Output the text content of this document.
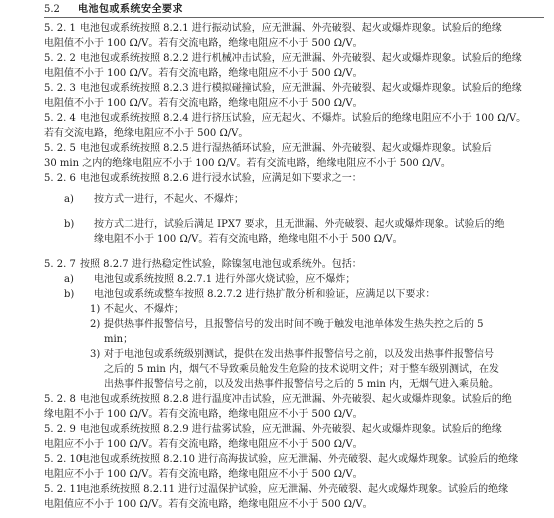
5.2 电池包或系统安全要求
5. 2. 1 电池包或系统按照 8.2.1 进行振动试验，应无泄漏、外壳破裂、起火或爆炸现象。试验后的绝缘
电阻值不小于 100 Ω/V。若有交流电路，绝缘电阻应不小于 500 Ω/V。
5. 2. 2 电池包或系统按照 8.2.2 进行机械冲击试验，应无泄漏、外壳破裂、起火或爆炸现象。试验后的绝缘
电阻值不小于 100 Ω/V。若有交流电路，绝缘电阻应不小于 500 Ω/V。
5. 2. 3 电池包或系统按照 8.2.3 进行模拟碰撞试验，应无泄漏、外壳破裂、起火或爆炸现象。试验后的绝缘
电阻值不小于 100 Ω/V。若有交流电路，绝缘电阻应不小于 500 Ω/V。
5. 2. 4 电池包或系统按照 8.2.4 进行挤压试验，应无起火、不爆炸。试验后的绝缘电阻应不小于 100 Ω/V。
若有交流电路，绝缘电阻应不小于 500 Ω/V。
5. 2. 5 电池包或系统按照 8.2.5 进行湿热循环试验，应无泄漏、外壳破裂、起火或爆炸现象。试验后
30 min 之内的绝缘电阻应不小于 100 Ω/V。若有交流电路，绝缘电阻应不小于 500 Ω/V。
5. 2. 6 电池包或系统按照 8.2.6 进行浸水试验，应满足如下要求之一：
a) 按方式一进行，不起火、不爆炸；
b) 按方式二进行，试验后满足 IPX7 要求，且无泄漏、外壳破裂、起火或爆炸现象。试验后的绝
缘电阻不小于 100 Ω/V。若有交流电路，绝缘电阻不小于 500 Ω/V。
5. 2. 7 按照 8.2.7 进行热稳定性试验，除镍氢电池包或系统外。包括：
a) 电池包或系统按照 8.2.7.1 进行外部火烧试验，应不爆炸；
b) 电池包或系统或整车按照 8.2.7.2 进行热扩散分析和验证，应满足以下要求：
1) 不起火、不爆炸；
2) 提供热事件报警信号，且报警信号的发出时间不晚于触发电池单体发生热失控之后的 5
min；
3) 对于电池包或系统级别测试，提供在发出热事件报警信号之前，以及发出热事件报警信号
之后的 5 min 内，烟气不导致乘员舱发生危险的技术说明文件；对于整车级别测试，在发
出热事件报警信号之前，以及发出热事件报警信号之后的 5 min 内，无烟气进入乘员舱。
5. 2. 8 电池包或系统按照 8.2.8 进行温度冲击试验，应无泄漏、外壳破裂、起火或爆炸现象。试验后的绝
缘电阻不小于 100 Ω/V。若有交流电路，绝缘电阻应不小于 500 Ω/V。
5. 2. 9 电池包或系统按照 8.2.9 进行盐雾试验，应无泄漏、外壳破裂、起火或爆炸现象。试验后的绝缘
电阻应不小于 100 Ω/V。若有交流电路，绝缘电阻应不小于 500 Ω/V。
5. 2. 10电池包或系统按照 8.2.10 进行高海拔试验，应无泄漏、外壳破裂、起火或爆炸现象。试验后的绝缘
电阻应不小于 100 Ω/V。若有交流电路，绝缘电阻应不小于 500 Ω/V。
5. 2. 11电池系统按照 8.2.11 进行过温保护试验，应无泄漏、外壳破裂、起火或爆炸现象。试验后的绝缘
电阻值应不小于 100 Ω/V。若有交流电路，绝缘电阻应不小于 500 Ω/V。
